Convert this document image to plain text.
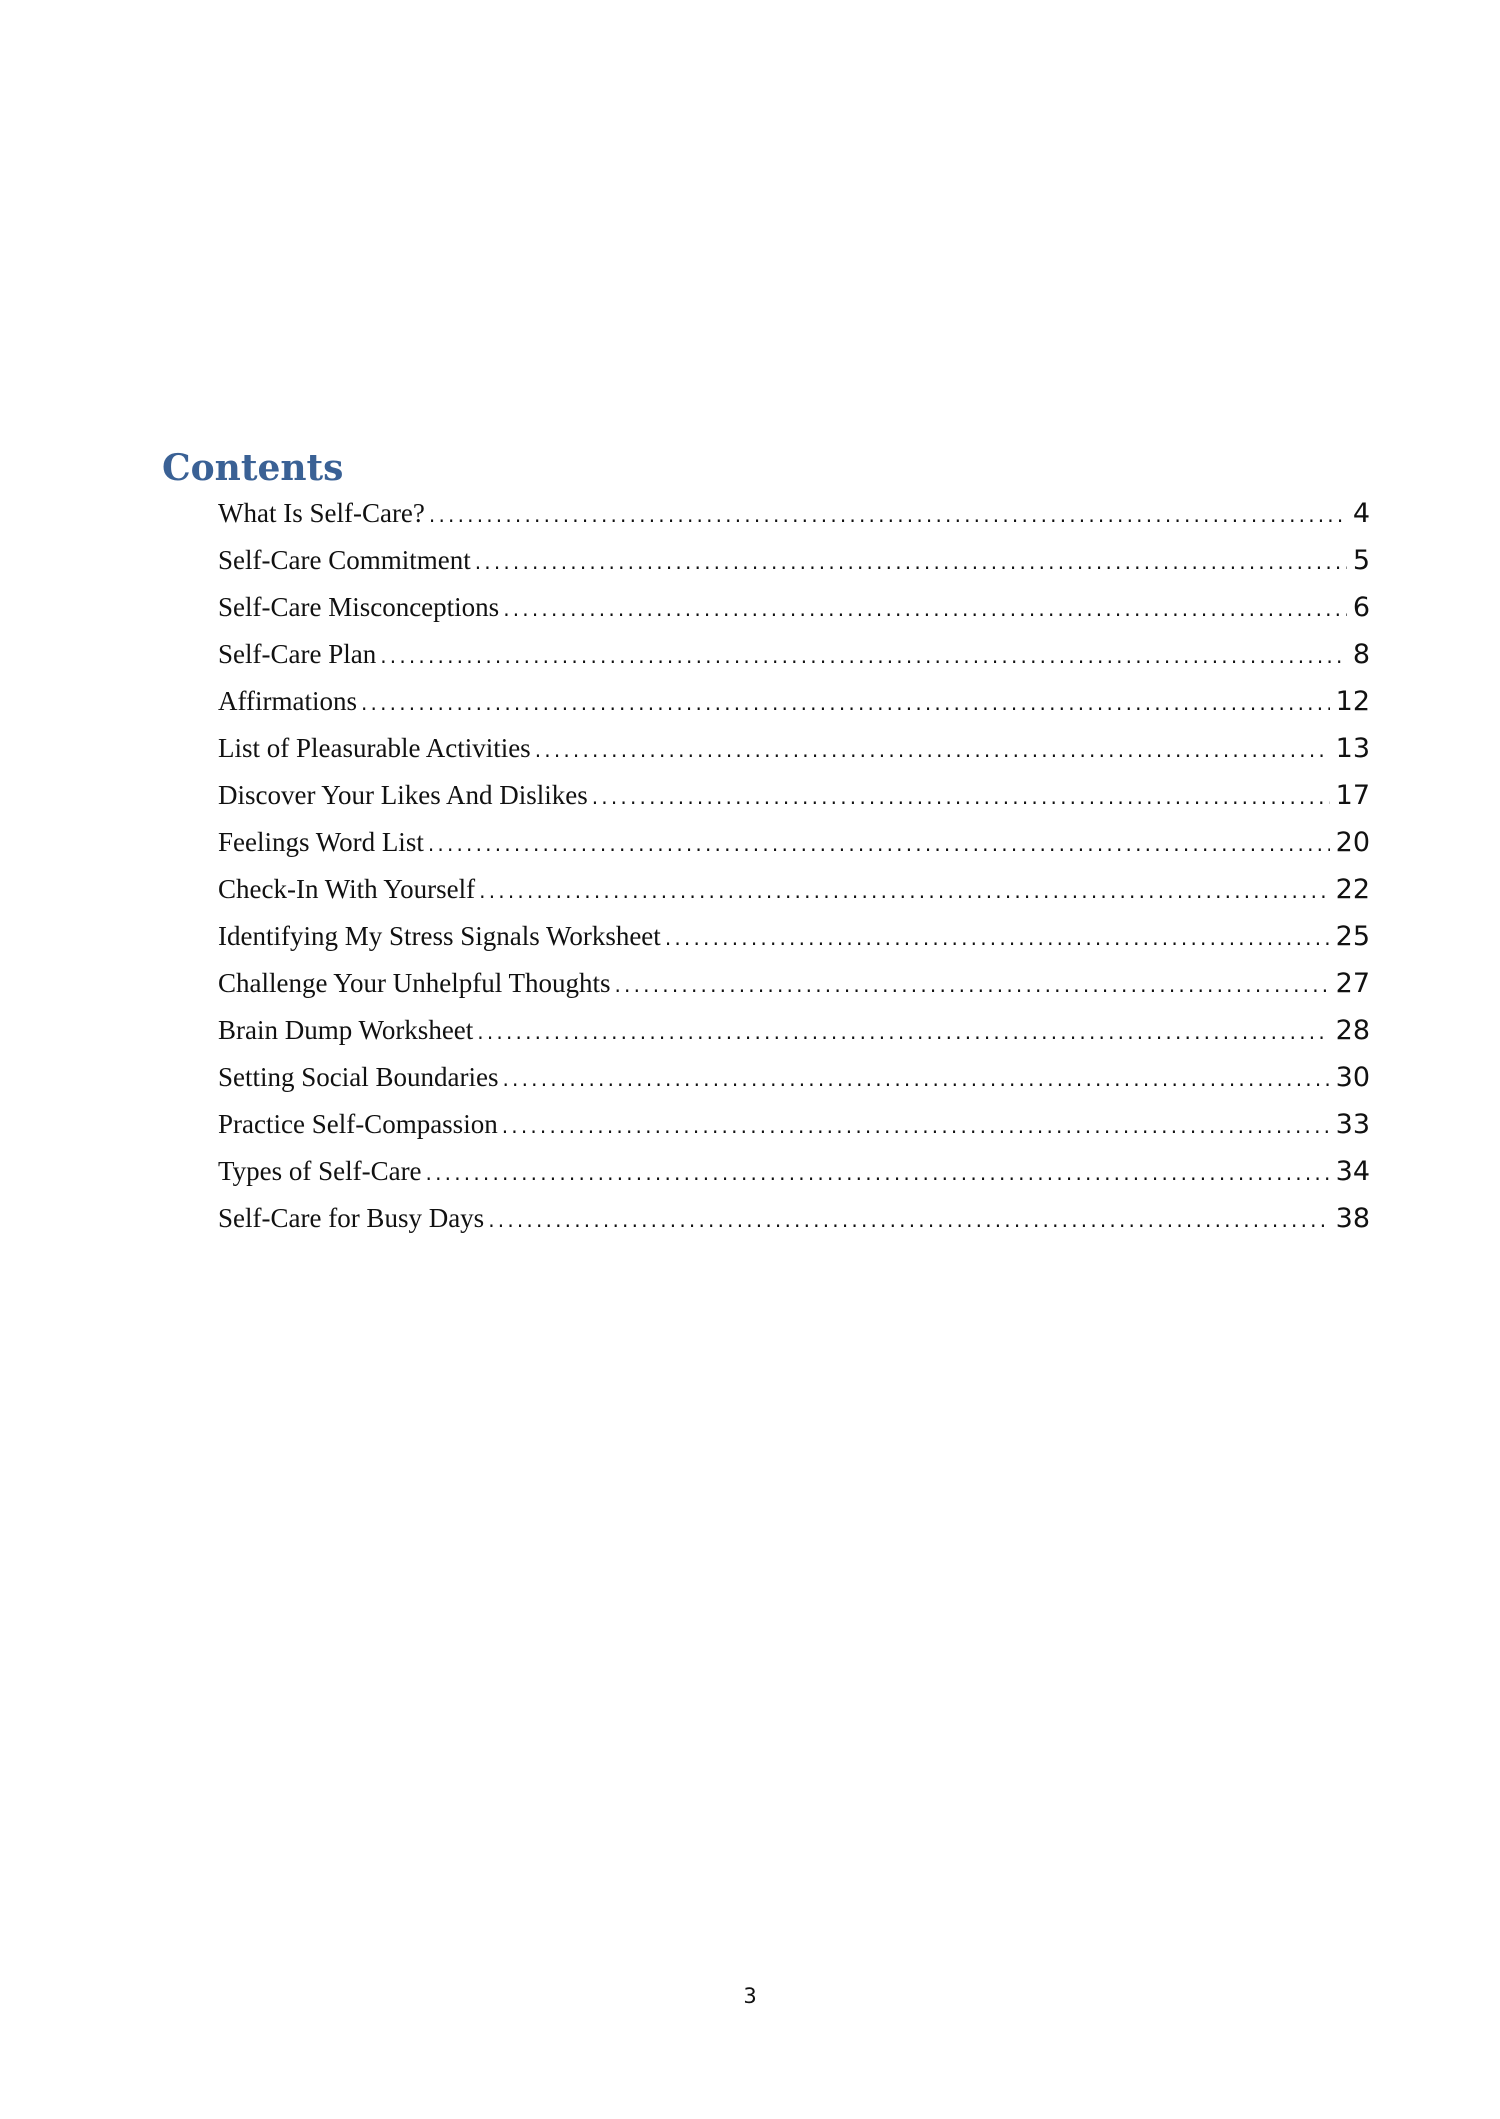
Contents
What Is Self-Care? .....	4
Self-Care Commitment .....	5
Self-Care Misconceptions .....	6
Self-Care Plan .....	8
Affirmations .....	12
List of Pleasurable Activities .....	13
Discover Your Likes And Dislikes .....	17
Feelings Word List .....	20
Check-In With Yourself .....	22
Identifying My Stress Signals Worksheet .....	25
Challenge Your Unhelpful Thoughts .....	27
Brain Dump Worksheet .....	28
Setting Social Boundaries .....	30
Practice Self-Compassion .....	33
Types of Self-Care .....	34
Self-Care for Busy Days .....	38
3
